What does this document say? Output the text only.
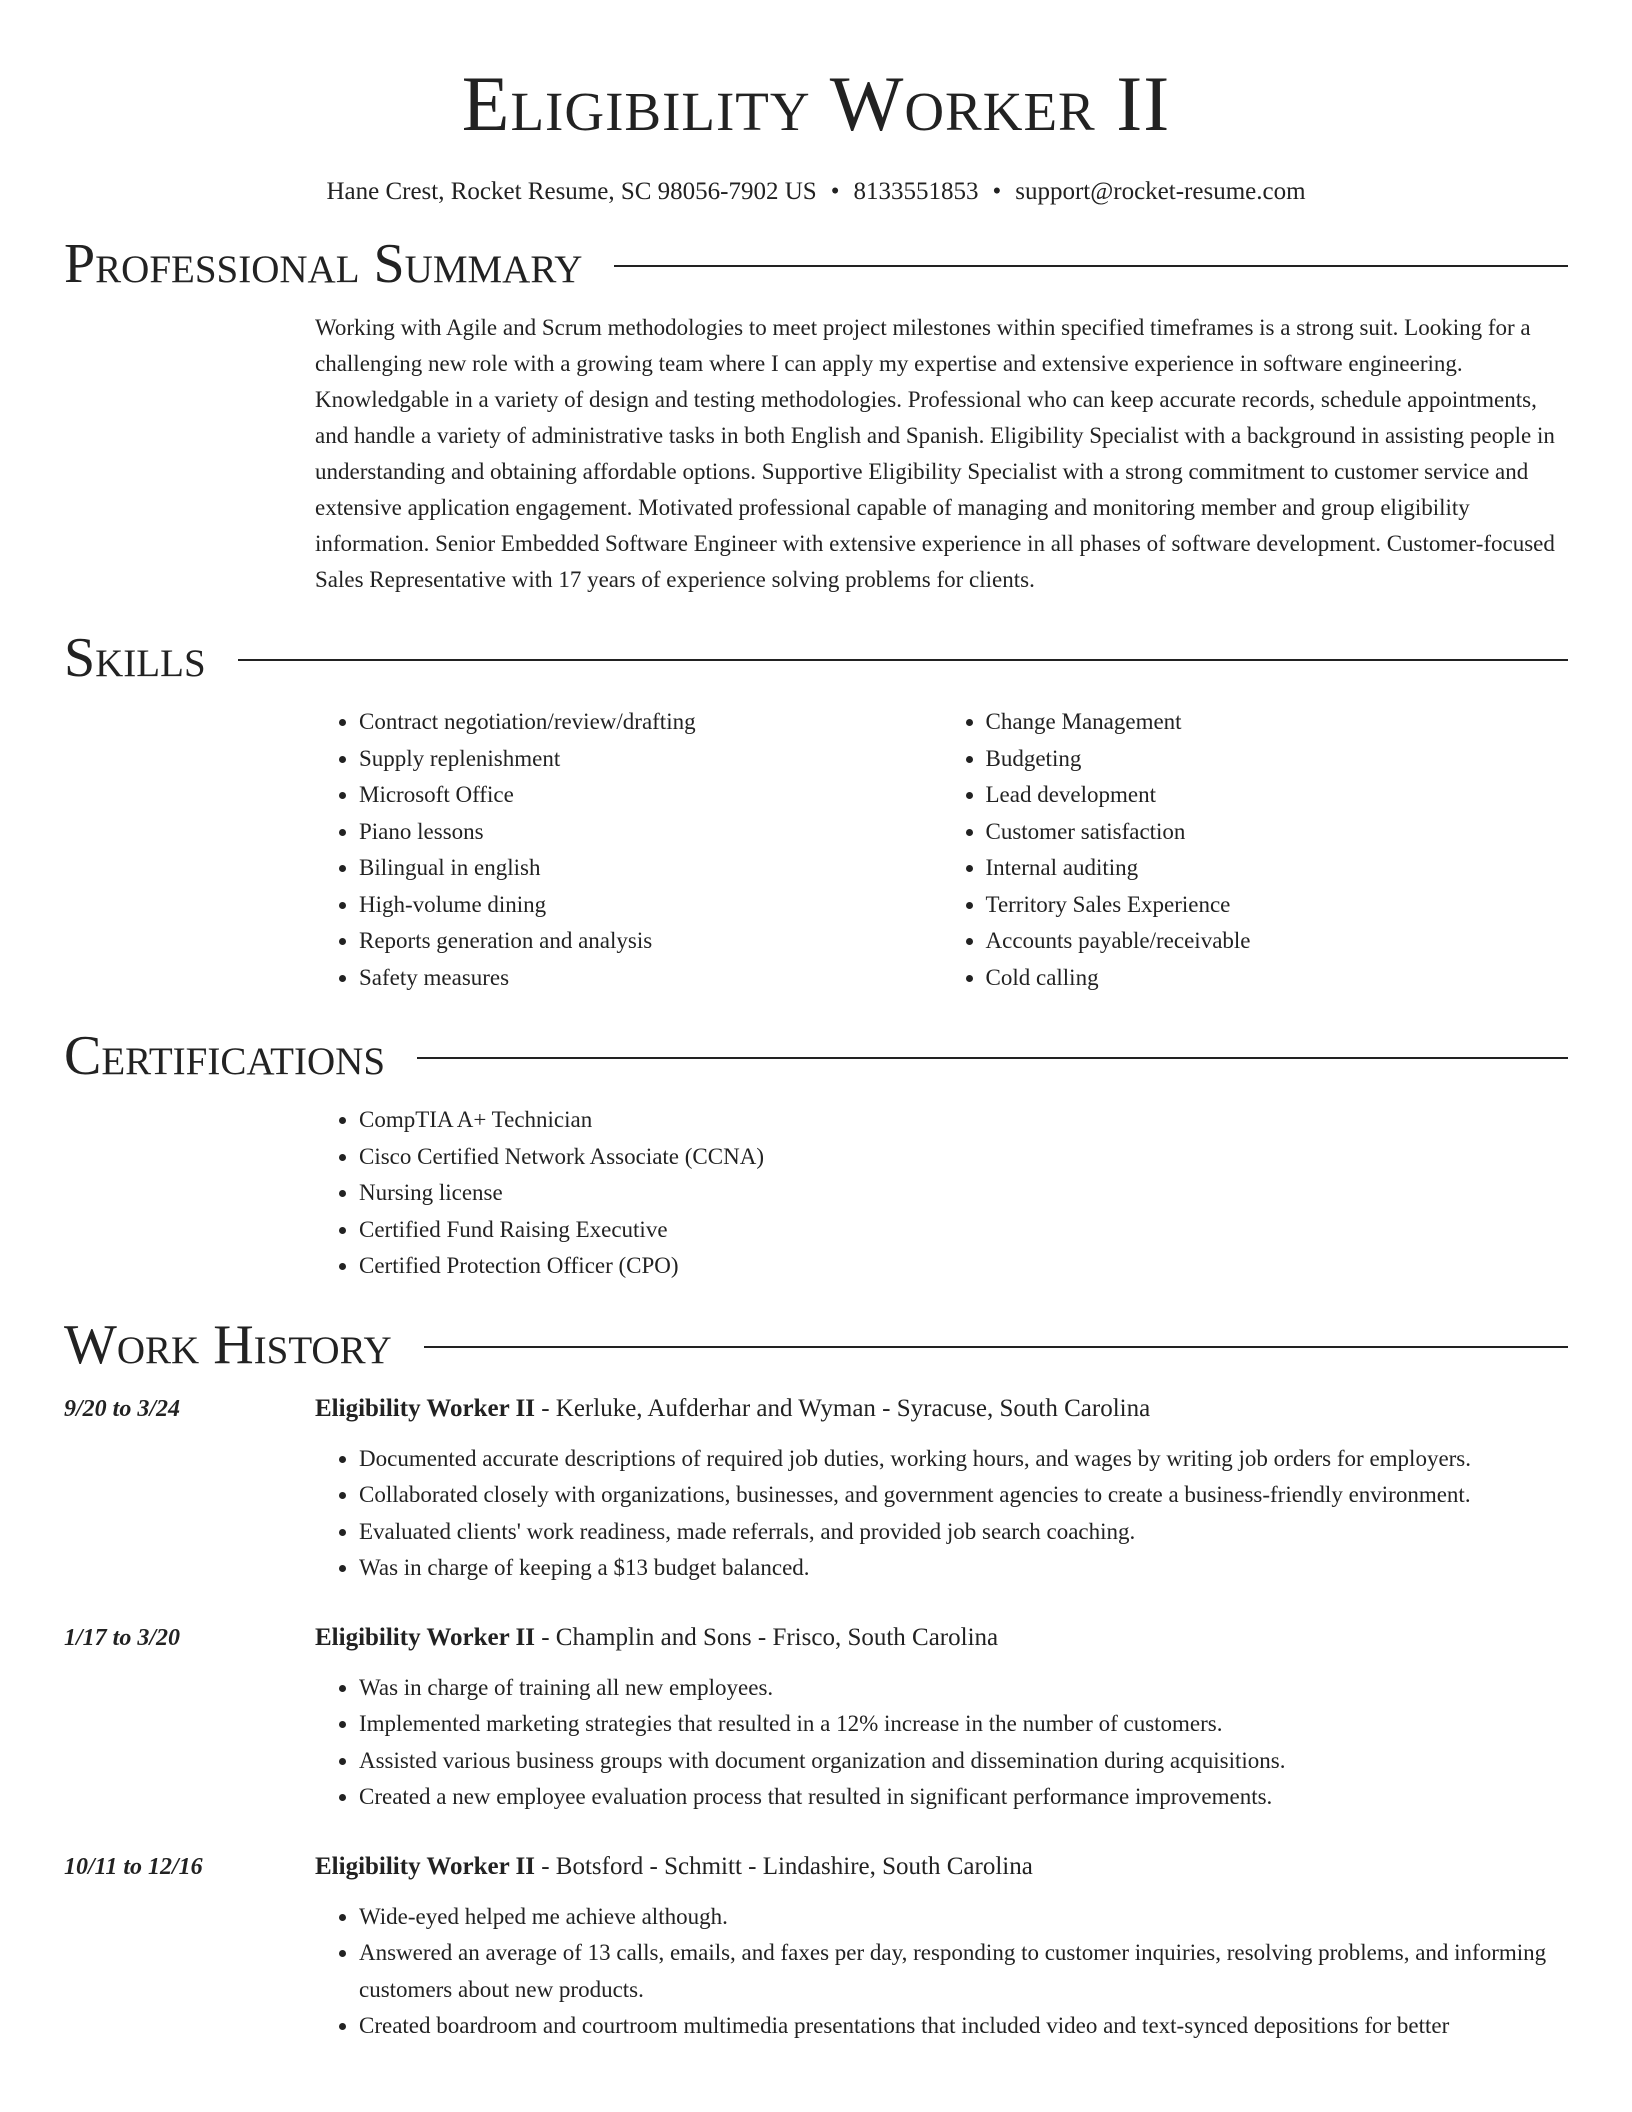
Eligibility Worker II
Hane Crest, Rocket Resume, SC 98056-7902 US • 8133551853 • support@rocket-resume.com
Professional Summary

Working with Agile and Scrum methodologies to meet project milestones within specified timeframes is a strong suit. Looking for a challenging new role with a growing team where I can apply my expertise and extensive experience in software engineering. Knowledgable in a variety of design and testing methodologies. Professional who can keep accurate records, schedule appointments, and handle a variety of administrative tasks in both English and Spanish. Eligibility Specialist with a background in assisting people in understanding and obtaining affordable options. Supportive Eligibility Specialist with a strong commitment to customer service and extensive application engagement. Motivated professional capable of managing and monitoring member and group eligibility information. Senior Embedded Software Engineer with extensive experience in all phases of software development. Customer-focused Sales Representative with 17 years of experience solving problems for clients.

Skills
• Contract negotiation/review/drafting
• Supply replenishment
• Microsoft Office
• Piano lessons
• Bilingual in english
• High-volume dining
• Reports generation and analysis
• Safety measures
• Change Management
• Budgeting
• Lead development
• Customer satisfaction
• Internal auditing
• Territory Sales Experience
• Accounts payable/receivable
• Cold calling
Certifications
• CompTIA A+ Technician
• Cisco Certified Network Associate (CCNA)
• Nursing license
• Certified Fund Raising Executive
• Certified Protection Officer (CPO)
Work History
9/20 to 3/24	Eligibility Worker II - Kerluke, Aufderhar and Wyman - Syracuse, South Carolina
• Documented accurate descriptions of required job duties, working hours, and wages by writing job orders for employers.
• Collaborated closely with organizations, businesses, and government agencies to create a business-friendly environment.
• Evaluated clients' work readiness, made referrals, and provided job search coaching.
• Was in charge of keeping a $13 budget balanced.
1/17 to 3/20	Eligibility Worker II - Champlin and Sons - Frisco, South Carolina
• Was in charge of training all new employees.
• Implemented marketing strategies that resulted in a 12% increase in the number of customers.
• Assisted various business groups with document organization and dissemination during acquisitions.
• Created a new employee evaluation process that resulted in significant performance improvements.
10/11 to 12/16	Eligibility Worker II - Botsford - Schmitt - Lindashire, South Carolina
• Wide-eyed helped me achieve although.
• Answered an average of 13 calls, emails, and faxes per day, responding to customer inquiries, resolving problems, and informing customers about new products.
• Created boardroom and courtroom multimedia presentations that included video and text-synced depositions for better
